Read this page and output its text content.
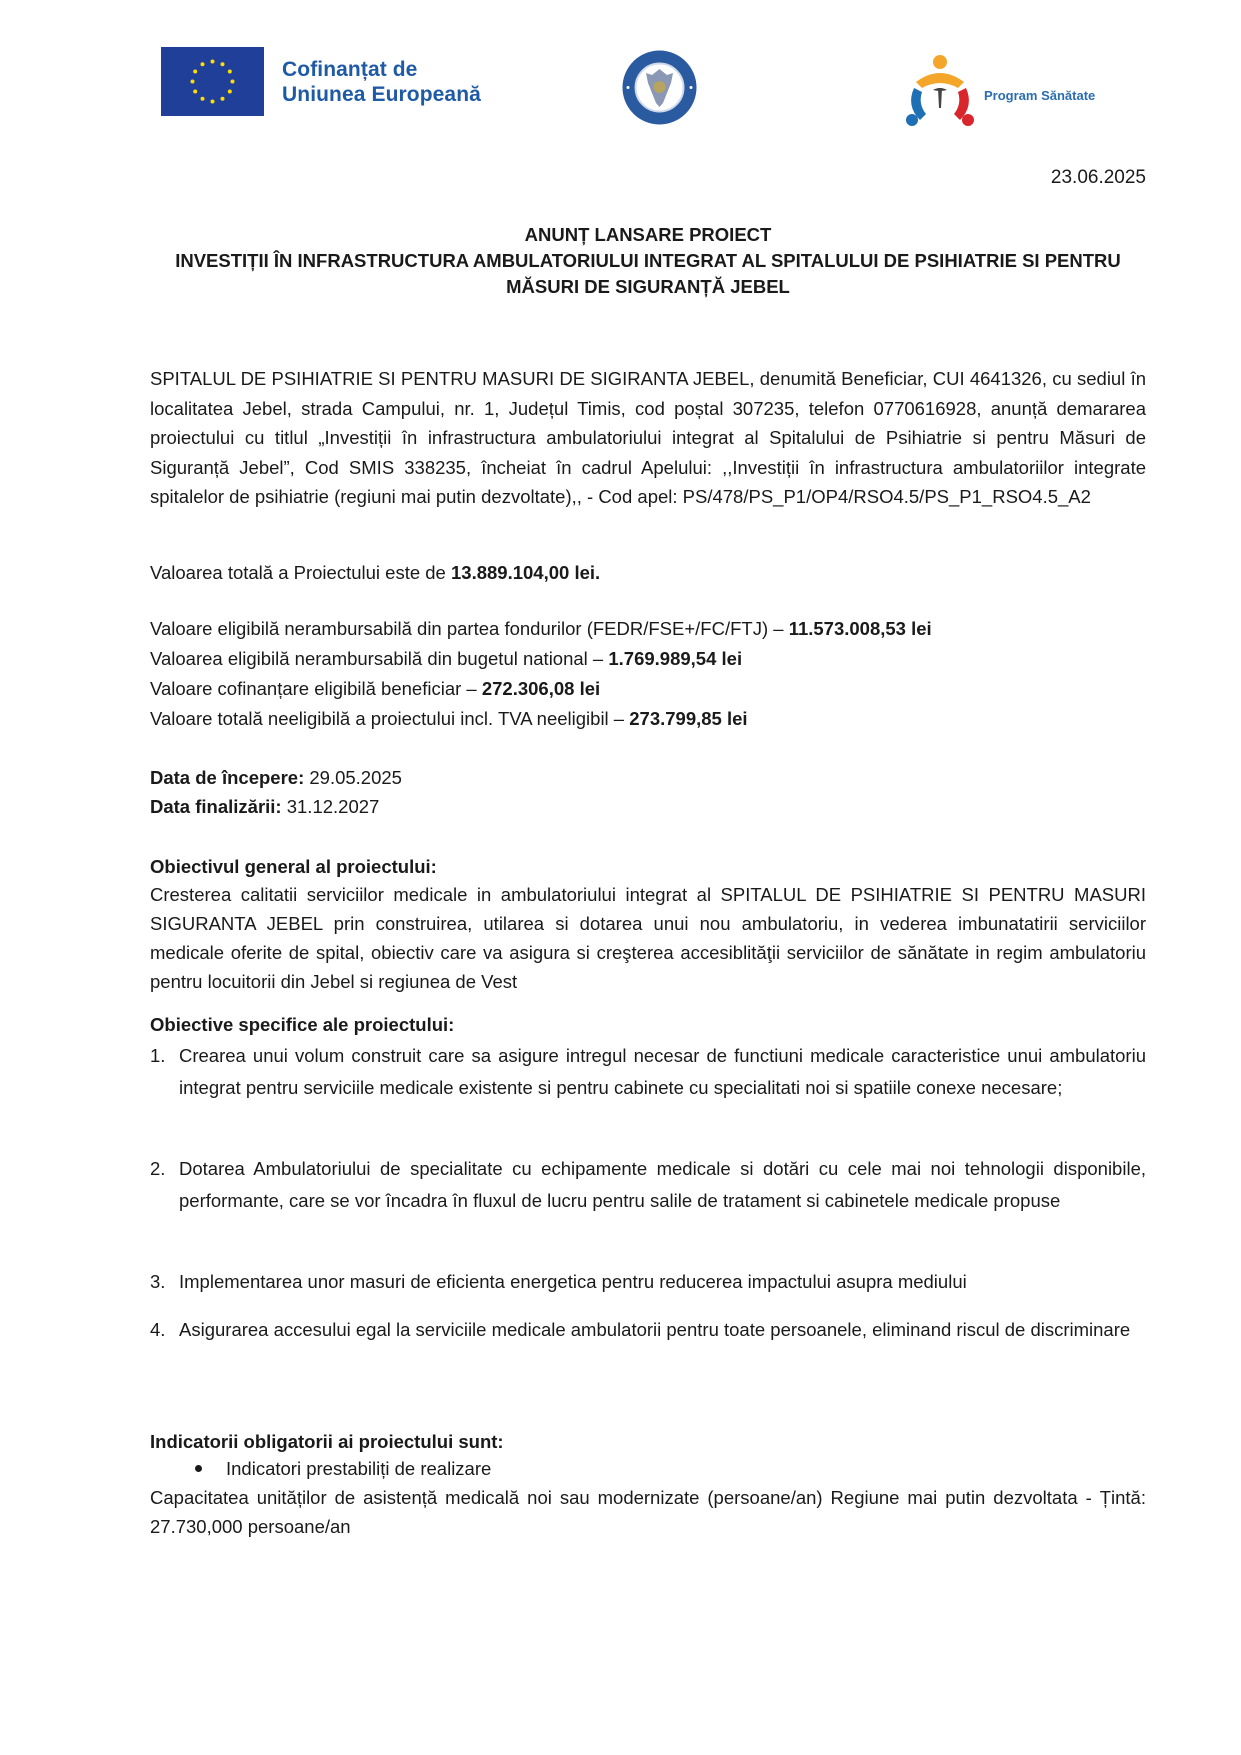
Cofinanțat de
Uniunea Europeană	Program Sănătate
23.06.2025
ANUNȚ LANSARE PROIECT
INVESTIȚII ÎN INFRASTRUCTURA AMBULATORIULUI INTEGRAT AL SPITALULUI DE PSIHIATRIE SI PENTRU
MĂSURI DE SIGURANȚĂ JEBEL
SPITALUL DE PSIHIATRIE SI PENTRU MASURI DE SIGIRANTA JEBEL, denumită Beneficiar, CUI 4641326, cu sediul în localitatea Jebel, strada Campului, nr. 1, Județul Timis, cod poștal 307235, telefon 0770616928, anunță demararea proiectului cu titlul „Investiții în infrastructura ambulatoriului integrat al Spitalului de Psihiatrie si pentru Măsuri de Siguranță Jebel”, Cod SMIS 338235, încheiat în cadrul Apelului: ,,Investiții în infrastructura ambulatoriilor integrate spitalelor de psihiatrie (regiuni mai putin dezvoltate),, - Cod apel: PS/478/PS_P1/OP4/RSO4.5/PS_P1_RSO4.5_A2
Valoarea totală a Proiectului este de 13.889.104,00 lei.
Valoare eligibilă nerambursabilă din partea fondurilor (FEDR/FSE+/FC/FTJ) – 11.573.008,53 lei
Valoarea eligibilă nerambursabilă din bugetul national – 1.769.989,54 lei
Valoare cofinanțare eligibilă beneficiar – 272.306,08 lei
Valoare totală neeligibilă a proiectului incl. TVA neeligibil – 273.799,85 lei
Data de începere: 29.05.2025
Data finalizării: 31.12.2027
Obiectivul general al proiectului:
Cresterea calitatii serviciilor medicale in ambulatoriului integrat al SPITALUL DE PSIHIATRIE SI PENTRU MASURI SIGURANTA JEBEL prin construirea, utilarea si dotarea unui nou ambulatoriu, in vederea imbunatatirii serviciilor medicale oferite de spital, obiectiv care va asigura si creşterea accesiblităţii serviciilor de sănătate in regim ambulatoriu pentru locuitorii din Jebel si regiunea de Vest
Obiective specifice ale proiectului:
1. Crearea unui volum construit care sa asigure intregul necesar de functiuni medicale caracteristice unui ambulatoriu integrat pentru serviciile medicale existente si pentru cabinete cu specialitati noi si spatiile conexe necesare;
2. Dotarea Ambulatoriului de specialitate cu echipamente medicale si dotări cu cele mai noi tehnologii disponibile, performante, care se vor încadra în fluxul de lucru pentru salile de tratament si cabinetele medicale propuse
3. Implementarea unor masuri de eficienta energetica pentru reducerea impactului asupra mediului
4. Asigurarea accesului egal la serviciile medicale ambulatorii pentru toate persoanele, eliminand riscul de discriminare
Indicatorii obligatorii ai proiectului sunt:
Indicatori prestabiliți de realizare
Capacitatea unităților de asistență medicală noi sau modernizate (persoane/an) Regiune mai putin dezvoltata - Țintă: 27.730,000 persoane/an
